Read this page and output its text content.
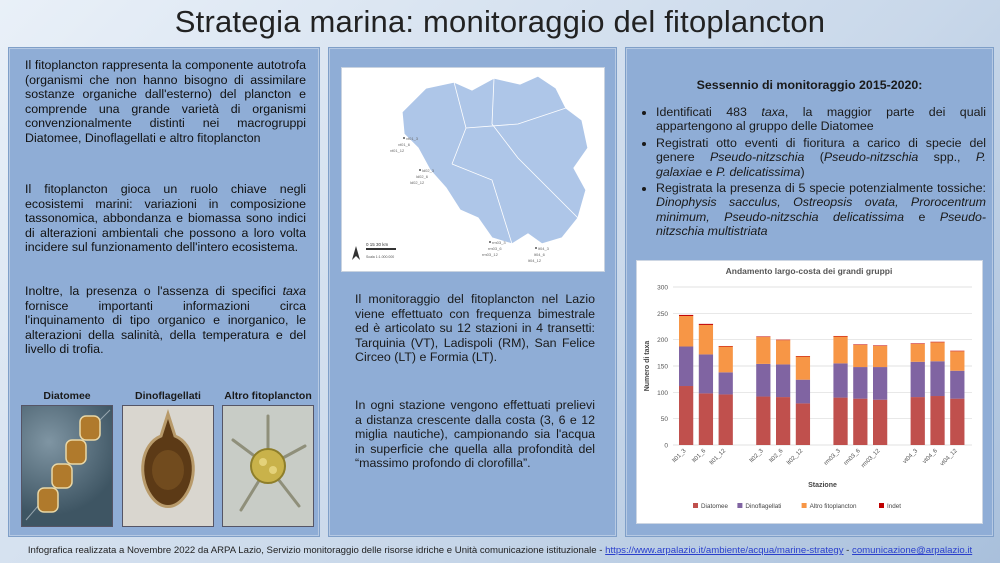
Strategia marina: monitoraggio del fitoplancton

Il fitoplancton rappresenta la componente autotrofa (organismi che non hanno bisogno di assimilare sostanze organiche dall'esterno) del plancton e comprende una grande varietà di organismi convenzionalmente distinti nei macrogruppi Diatomee, Dinoflagellati e altro fitoplancton

Il fitoplancton gioca un ruolo chiave negli ecosistemi marini: variazioni in composizione tassonomica, abbondanza e biomassa sono indici di alterazioni ambientali che possono a loro volta incidere sul funzionamento dell'intero ecosistema.

Inoltre, la presenza o l'assenza di specifici taxa fornisce importanti informazioni circa l'inquinamento di tipo organico e inorganico, le alterazioni della salinità, della temperatura e del livello di trofia.

Diatomee	Dinoflagellati	Altro fitoplancton
vt01_3
vt01_6
vt01_12
ld02_3
ld02_6
ld02_12
rm03_3
rm03_6
rm03_12
lt04_3
lt04_6
lt04_12
0 15 30 km
Scala 1:1.000.000
Il monitoraggio del fitoplancton nel Lazio viene effettuato con frequenza bimestrale ed è articolato su 12 stazioni in 4 transetti: Tarquinia (VT), Ladispoli (RM), San Felice Circeo (LT) e Formia (LT).
In ogni stazione vengono effettuati prelievi a distanza crescente dalla costa (3, 6 e 12 miglia nautiche), campionando sia l'acqua in superficie che quella alla profondità del “massimo profondo di clorofilla”.
Sessennio di monitoraggio 2015-2020:
• Identificati 483 taxa, la maggior parte dei quali appartengono al gruppo delle Diatomee
• Registrati otto eventi di fioritura a carico di specie del genere Pseudo-nitzschia (Pseudo-nitzschia spp., P. galaxiae e P. delicatissima)
• Registrata la presenza di 5 specie potenzialmente tossiche: Dinophysis sacculus, Ostreopsis ovata, Prorocentrum minimum, Pseudo-nitzschia delicatissima e Pseudo-nitzschia multistriata
Andamento largo-costa dei grandi gruppi
0
50
100
150
200
250
300
Numero di taxa
lt01_3 lt01_6 lt01_12	lt02_3 lt02_6 lt02_12	rm03_3 rm03_6
rm03_12	vt04_3 vt04_6 vt04_12
Stazione
Diatomee	Dinoflagellati	Altro fitoplancton	Indet
Infografica realizzata a Novembre 2022 da ARPA Lazio, Servizio monitoraggio delle risorse idriche e Unità comunicazione istituzionale - https://www.arpalazio.it/ambiente/acqua/marine-strategy - comunicazione@arpalazio.it
